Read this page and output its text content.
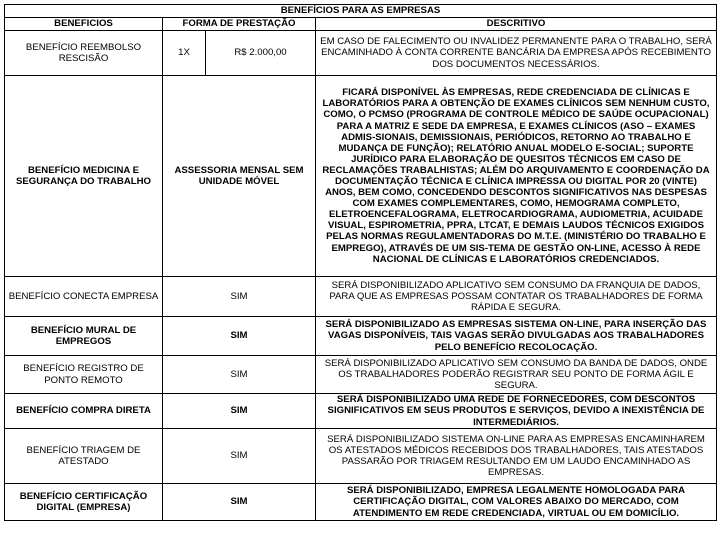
BENEFÍCIOS PARA AS EMPRESAS			
BENEFICIOS	FORMA DE PRESTAÇÃO		DESCRITIVO
BENEFÍCIO REEMBOLSO RESCISÃO	1X	R$ 2.000,00	EM CASO DE FALECIMENTO OU INVALIDEZ PERMANENTE PARA O TRABALHO, SERÁ ENCAMINHADO À CONTA CORRENTE BANCÁRIA DA EMPRESA APÓS RECEBIMENTO DOS DOCUMENTOS NECESSÁRIOS.
BENEFÍCIO MEDICINA E SEGURANÇA DO TRABALHO	ASSESSORIA MENSAL SEM UNIDADE MÓVEL		FICARÁ DISPONÍVEL ÀS EMPRESAS, REDE CREDENCIADA DE CLÍNICAS E LABORATÓRIOS PARA A OBTENÇÃO DE EXAMES CLÍNICOS SEM NENHUM CUSTO, COMO, O PCMSO (PROGRAMA DE CONTROLE MÉDICO DE SAÚDE OCUPACIONAL) PARA A MATRIZ E SEDE DA EMPRESA, E EXAMES CLÍNICOS (ASO – EXAMES ADMIS-SIONAIS, DEMISSIONAIS, PERIÓDICOS, RETORNO AO TRABALHO E MUDANÇA DE FUNÇÃO); RELATÓRIO ANUAL MODELO E-SOCIAL; SUPORTE JURÍDICO PARA ELABORAÇÃO DE QUESITOS TÉCNICOS EM CASO DE RECLAMAÇÕES TRABALHISTAS; ALÉM DO ARQUIVAMENTO E COORDENAÇÃO DA DOCUMENTAÇÃO TÉCNICA E CLÍNICA IMPRESSA OU DIGITAL POR 20 (VINTE) ANOS, BEM COMO, CONCEDENDO DESCONTOS SIGNIFICATIVOS NAS DESPESAS COM EXAMES COMPLEMENTARES, COMO, HEMOGRAMA COMPLETO, ELETROENCEFALOGRAMA, ELETROCARDIOGRAMA, AUDIOMETRIA, ACUIDADE VISUAL, ESPIROMETRIA, PPRA, LTCAT, E DEMAIS LAUDOS TÉCNICOS EXIGIDOS PELAS NORMAS REGULAMENTADORAS DO M.T.E. (MINISTÉRIO DO TRABALHO E EMPREGO), ATRAVÉS DE UM SIS-TEMA DE GESTÃO ON-LINE, ACESSO À REDE NACIONAL DE CLÍNICAS E LABORATÓRIOS CREDENCIADOS.
BENEFÍCIO CONECTA EMPRESA	SIM		SERÁ DISPONIBILIZADO APLICATIVO SEM CONSUMO DA FRANQUIA DE DADOS, PARA QUE AS EMPRESAS POSSAM CONTATAR OS TRABALHADORES DE FORMA RÁPIDA E SEGURA.
BENEFÍCIO MURAL DE EMPREGOS	SIM		SERÁ DISPONIBILIZADO AS EMPRESAS SISTEMA ON-LINE, PARA INSERÇÃO DAS VAGAS DISPONÍVEIS, TAIS VAGAS SERÃO DIVULGADAS AOS TRABALHADORES PELO BENEFÍCIO RECOLOCAÇÃO.
BENEFÍCIO REGISTRO DE PONTO REMOTO	SIM		SERÁ DISPONIBILIZADO APLICATIVO SEM CONSUMO DA BANDA DE DADOS, ONDE OS TRABALHADORES PODERÃO REGISTRAR SEU PONTO DE FORMA ÁGIL E SEGURA.
BENEFÍCIO COMPRA DIRETA	SIM		SERÁ DISPONIBILIZADO UMA REDE DE FORNECEDORES, COM DESCONTOS SIGNIFICATIVOS EM SEUS PRODUTOS E SERVIÇOS, DEVIDO A INEXISTÊNCIA DE INTERMEDIÁRIOS.
BENEFÍCIO TRIAGEM DE ATESTADO	SIM		SERÁ DISPONIBILIZADO SISTEMA ON-LINE PARA AS EMPRESAS ENCAMINHAREM OS ATESTADOS MÉDICOS RECEBIDOS DOS TRABALHADORES, TAIS ATESTADOS PASSARÃO POR TRIAGEM RESULTANDO EM UM LAUDO ENCAMINHADO AS EMPRESAS.
BENEFÍCIO CERTIFICAÇÃO DIGITAL (EMPRESA)	SIM		SERÁ DISPONIBILIZADO, EMPRESA LEGALMENTE HOMOLOGADA PARA CERTIFICAÇÃO DIGITAL, COM VALORES ABAIXO DO MERCADO, COM ATENDIMENTO EM REDE CREDENCIADA, VIRTUAL OU EM DOMICÍLIO.
